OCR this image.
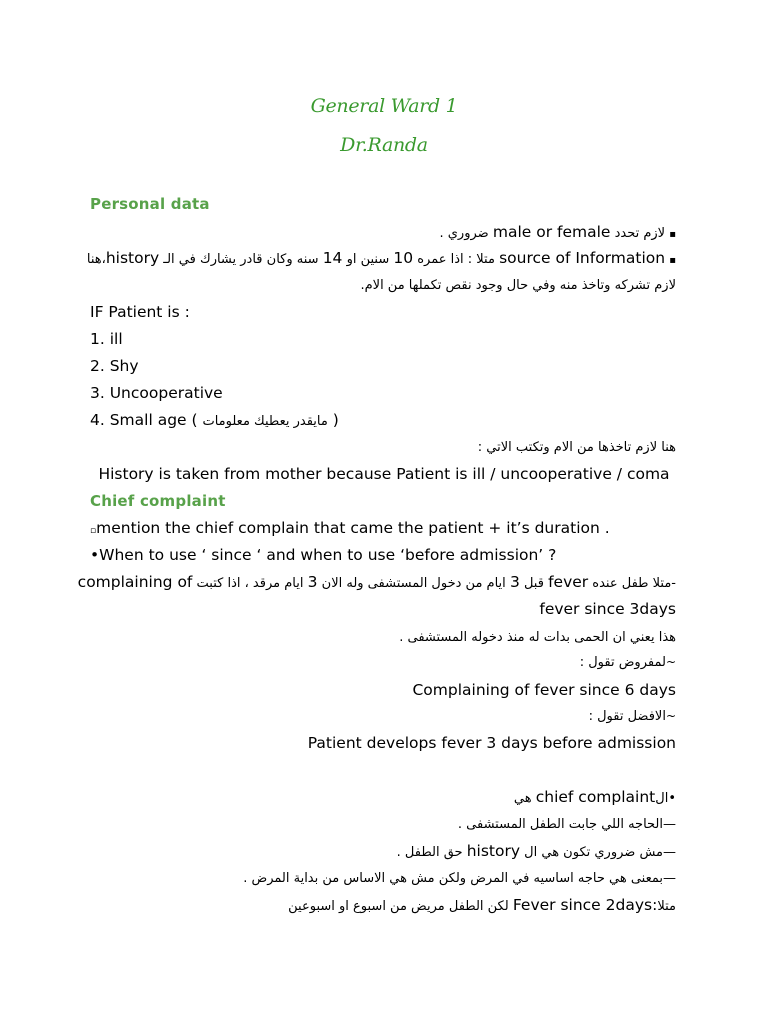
General Ward 1
Dr.Randa
Personal data
▪ لازم تحدد male or female ضروري .
▪ source of Information متلا : اذا عمره 10 سنين او 14 سنه وكان قادر يشارك في الـ history،هنا
لازم تشركه وتاخذ منه وفي حال وجود نقص تكملها من الام.
IF Patient is :
1. ill
2. Shy
3. Uncooperative
4. Small age ( مايقدر يعطيك معلومات )
هنا لازم تاخذها من الام وتكتب الاتي :
History is taken from mother because Patient is ill / uncooperative / coma
Chief complaint
▫mention the chief complain that came the patient + it’s duration .
•When to use ‘ since ‘ and when to use ‘before admission’ ?
-متلا طفل عنده fever قبل 3 ايام من دخول المستشفى وله الان 3 ايام مرقد ، اذا كتبت complaining of
fever since 3days
هذا يعني ان الحمى بدات له منذ دخوله المستشفى .
~لمفروض تقول :
Complaining of fever since 6 days
~الافضل تقول :
Patient develops fever 3 days before admission
•الchief complaint هي
—الحاجه اللي جابت الطفل المستشفى .
—مش ضروري تكون هي ال history حق الطفل .
—بمعنى هي حاجه اساسيه في المرض ولكن مش هي الاساس من بداية المرض .
متلا:Fever since 2days لكن الطفل مريض من اسبوع او اسبوعين
